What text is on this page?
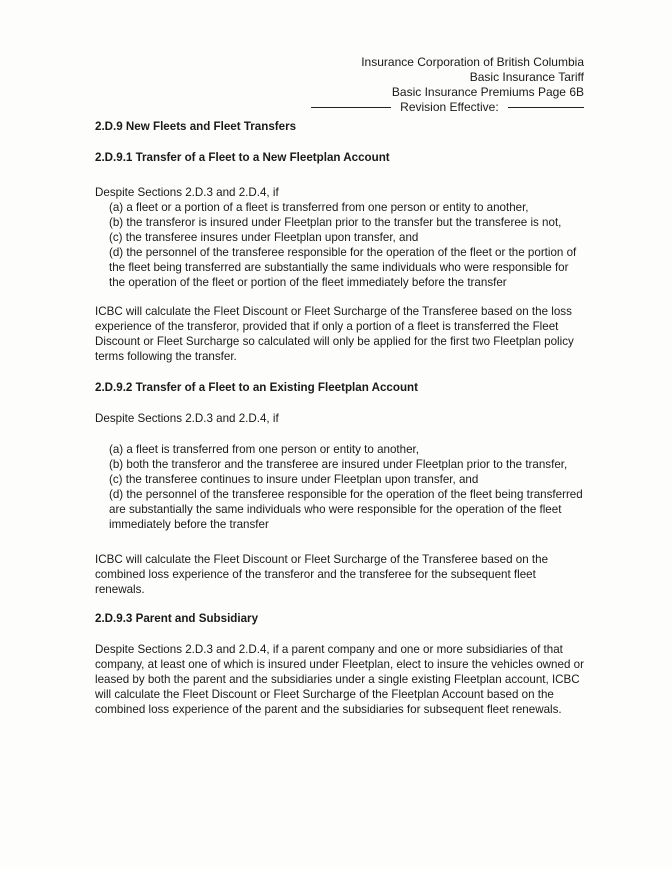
Insurance Corporation of British Columbia
Basic Insurance Tariff
Basic Insurance Premiums Page 6B
Revision Effective:

2.D.9 New Fleets and Fleet Transfers

2.D.9.1 Transfer of a Fleet to a New Fleetplan Account

Despite Sections 2.D.3 and 2.D.4, if

(a) a fleet or a portion of a fleet is transferred from one person or entity to another,
(b) the transferor is insured under Fleetplan prior to the transfer but the transferee is not,
(c) the transferee insures under Fleetplan upon transfer, and
(d) the personnel of the transferee responsible for the operation of the fleet or the portion of the fleet being transferred are substantially the same individuals who were responsible for the operation of the fleet or portion of the fleet immediately before the transfer

ICBC will calculate the Fleet Discount or Fleet Surcharge of the Transferee based on the loss experience of the transferor, provided that if only a portion of a fleet is transferred the Fleet Discount or Fleet Surcharge so calculated will only be applied for the first two Fleetplan policy terms following the transfer.

2.D.9.2 Transfer of a Fleet to an Existing Fleetplan Account

Despite Sections 2.D.3 and 2.D.4, if

(a) a fleet is transferred from one person or entity to another,
(b) both the transferor and the transferee are insured under Fleetplan prior to the transfer,
(c) the transferee continues to insure under Fleetplan upon transfer, and
(d) the personnel of the transferee responsible for the operation of the fleet being transferred are substantially the same individuals who were responsible for the operation of the fleet immediately before the transfer

ICBC will calculate the Fleet Discount or Fleet Surcharge of the Transferee based on the combined loss experience of the transferor and the transferee for the subsequent fleet renewals.

2.D.9.3 Parent and Subsidiary

Despite Sections 2.D.3 and 2.D.4, if a parent company and one or more subsidiaries of that company, at least one of which is insured under Fleetplan, elect to insure the vehicles owned or leased by both the parent and the subsidiaries under a single existing Fleetplan account, ICBC will calculate the Fleet Discount or Fleet Surcharge of the Fleetplan Account based on the combined loss experience of the parent and the subsidiaries for subsequent fleet renewals.
